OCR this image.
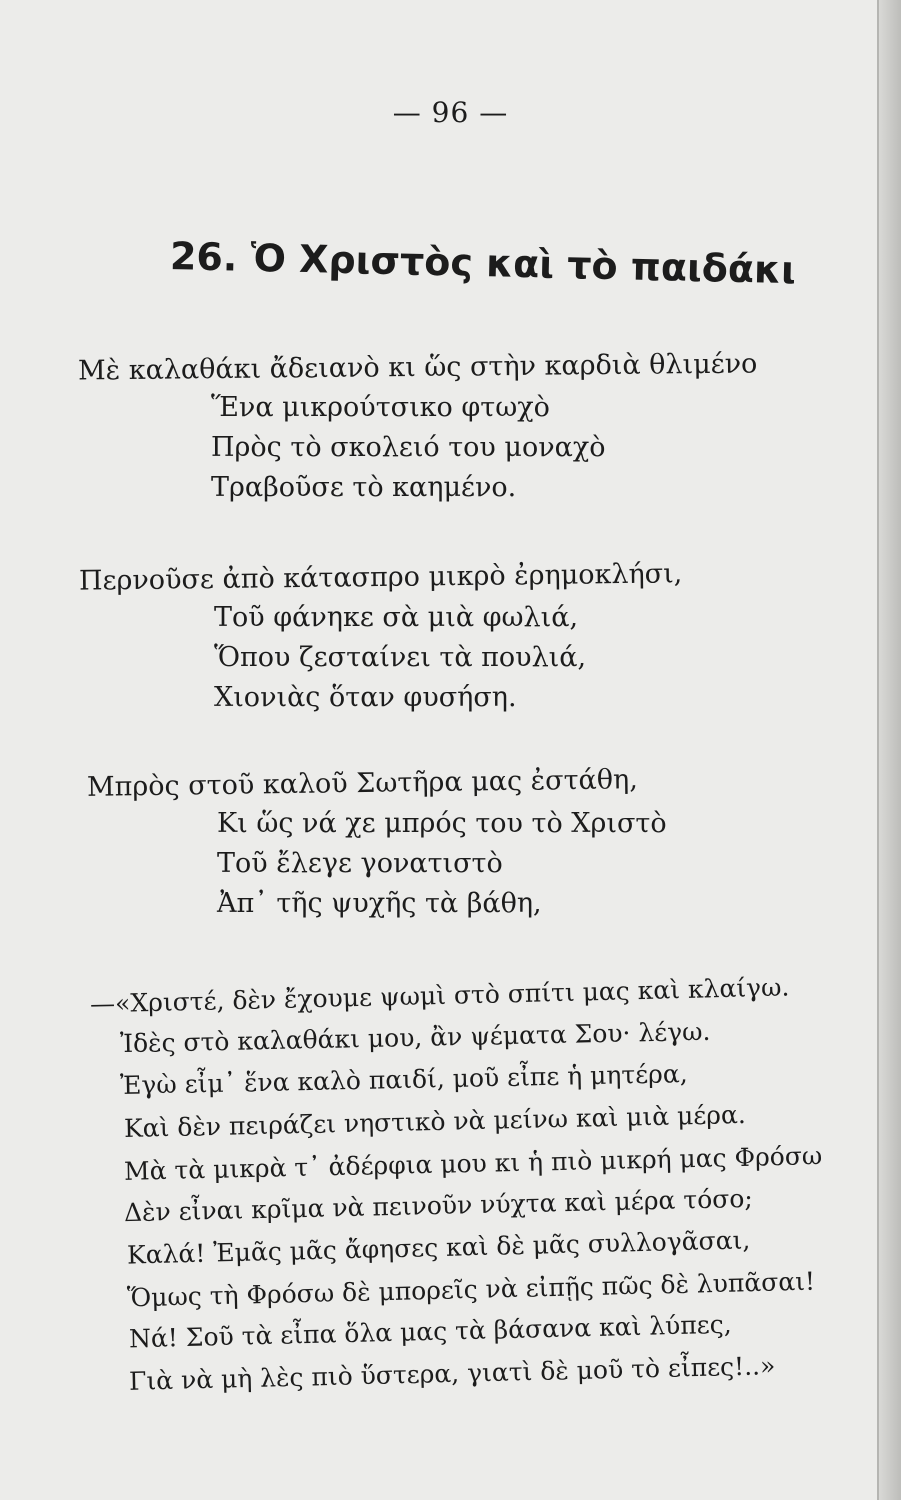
— 96 —
26. Ὁ Χριστὸς καὶ τὸ παιδάκι
Μὲ καλαθάκι ἄδειανὸ κι ὥς στὴν καρδιὰ θλιμένο
Ἕνα μικρούτσικο φτωχὸ
Πρὸς τὸ σκολειό του μοναχὸ
Τραβοῦσε τὸ καημένο.
Περνοῦσε ἀπὸ κάτασπρο μικρὸ ἐρημοκλήσι,
Τοῦ φάνηκε σὰ μιὰ φωλιά,
Ὅπου ζεσταίνει τὰ πουλιά,
Χιονιὰς ὅταν φυσήση.
Μπρὸς στοῦ καλοῦ Σωτῆρα μας ἐστάθη,
Κι ὥς νά χε μπρός του τὸ Χριστὸ
Τοῦ ἔλεγε γονατιστὸ
Ἀπ᾽ τῆς ψυχῆς τὰ βάθη,
—«Χριστέ, δὲν ἔχουμε ψωμὶ στὸ σπίτι μας καὶ κλαίγω.
Ἰδὲς στὸ καλαθάκι μου, ἂν ψέματα Σου· λέγω.
Ἐγὼ εἶμ᾽ ἕνα καλὸ παιδί, μοῦ εἶπε ἡ μητέρα,
Καὶ δὲν πειράζει νηστικὸ νὰ μείνω καὶ μιὰ μέρα.
Μὰ τὰ μικρὰ τ᾽ ἀδέρφια μου κι ἡ πιὸ μικρή μας Φρόσω
Δὲν εἶναι κρῖμα νὰ πεινοῦν νύχτα καὶ μέρα τόσο;
Καλά! Ἐμᾶς μᾶς ἄφησες καὶ δὲ μᾶς συλλογᾶσαι,
Ὅμως τὴ Φρόσω δὲ μπορεῖς νὰ εἰπῇς πῶς δὲ λυπᾶσαι!
Νά! Σοῦ τὰ εἶπα ὅλα μας τὰ βάσανα καὶ λύπες,
Γιὰ νὰ μὴ λὲς πιὸ ὕστερα, γιατὶ δὲ μοῦ τὸ εἶπες!..»
